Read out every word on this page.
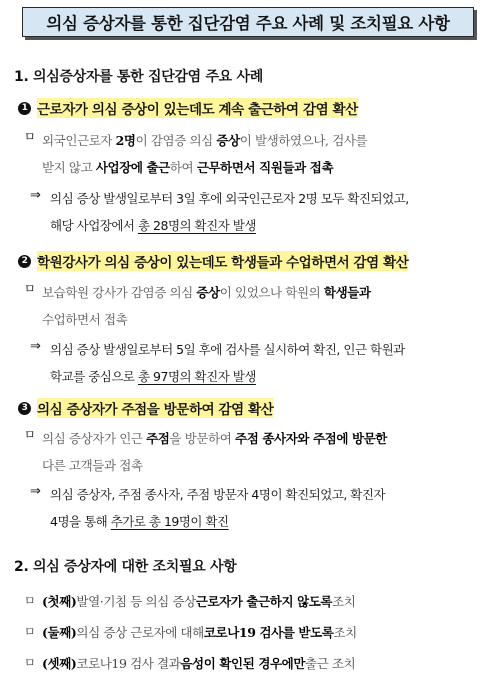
의심 증상자를 통한 집단감염 주요 사례 및 조치필요 사항
1. 의심증상자를 통한 집단감염 주요 사례
1 근로자가 의심 증상이 있는데도 계속 출근하여 감염 확산
ㅁ 외국인근로자 2명이 감염증 의심 증상이 발생하였으나, 검사를
받지 않고 사업장에 출근하여 근무하면서 직원들과 접촉
⇒ 의심 증상 발생일로부터 3일 후에 외국인근로자 2명 모두 확진되었고,
해당 사업장에서 총 28명의 확진자 발생
2 학원강사가 의심 증상이 있는데도 학생들과 수업하면서 감염 확산
ㅁ 보습학원 강사가 감염증 의심 증상이 있었으나 학원의 학생들과
수업하면서 접촉
⇒ 의심 증상 발생일로부터 5일 후에 검사를 실시하여 확진, 인근 학원과
학교를 중심으로 총 97명의 확진자 발생
3 의심 증상자가 주점을 방문하여 감염 확산
ㅁ 의심 증상자가 인근 주점을 방문하여 주점 종사자와 주점에 방문한
다른 고객들과 접촉
⇒ 의심 증상자, 주점 종사자, 주점 방문자 4명이 확진되었고, 확진자
4명을 통해 추가로 총 19명이 확진
2. 의심 증상자에 대한 조치필요 사항
ㅁ (첫째) 발열·기침 등 의심 증상 근로자가 출근하지 않도록 조치
ㅁ (둘째) 의심 증상 근로자에 대해 코로나19 검사를 받도록 조치
ㅁ (셋째) 코로나19 검사 결과 음성이 확인된 경우에만 출근 조치
